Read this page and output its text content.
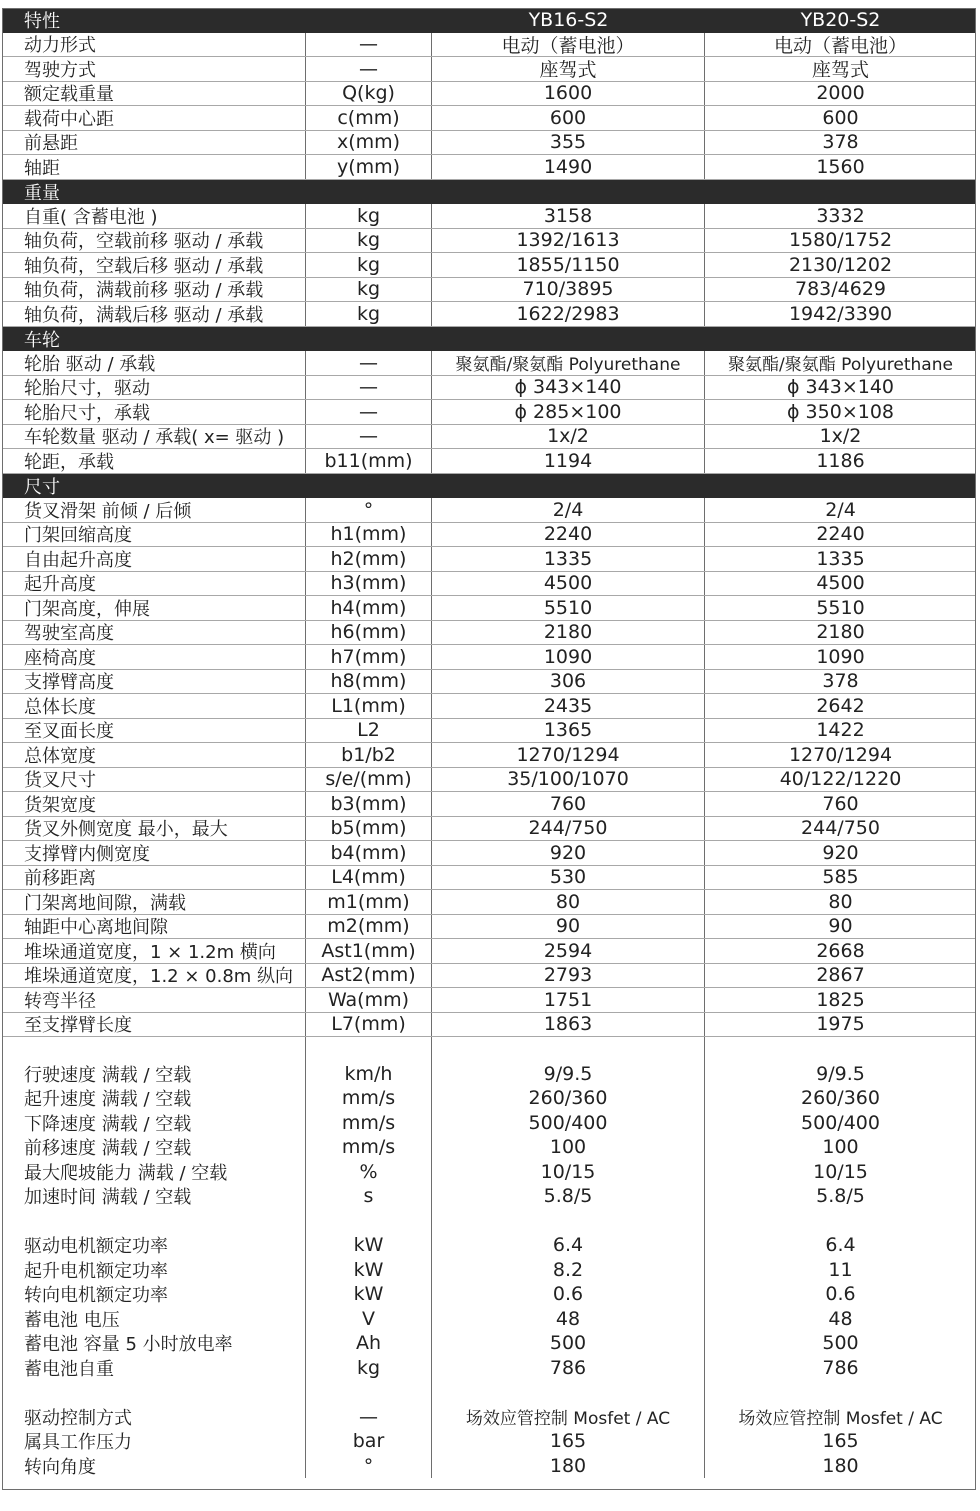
特性	YB16-S2	YB20-S2
动力形式	—	电动（蓄电池）	电动（蓄电池）
驾驶方式	—	座驾式	座驾式
额定载重量	Q(kg)	1600	2000
载荷中心距	c(mm)	600	600
前悬距	x(mm)	355	378
轴距	y(mm)	1490	1560
重量
自重( 含蓄电池 )	kg	3158	3332
轴负荷，空载前移 驱动 / 承载	kg	1392/1613	1580/1752
轴负荷，空载后移 驱动 / 承载	kg	1855/1150	2130/1202
轴负荷，满载前移 驱动 / 承载	kg	710/3895	783/4629
轴负荷，满载后移 驱动 / 承载	kg	1622/2983	1942/3390
车轮
轮胎 驱动 / 承载	—	聚氨酯/聚氨酯 Polyurethane	聚氨酯/聚氨酯 Polyurethane
轮胎尺寸，驱动	—	ϕ 343×140	ϕ 343×140
轮胎尺寸，承载	—	ϕ 285×100	ϕ 350×108
车轮数量 驱动 / 承载( x= 驱动 )	—	1x/2	1x/2
轮距，承载	b11(mm)	1194	1186
尺寸
货叉滑架 前倾 / 后倾	°	2/4	2/4
门架回缩高度	h1(mm)	2240	2240
自由起升高度	h2(mm)	1335	1335
起升高度	h3(mm)	4500	4500
门架高度，伸展	h4(mm)	5510	5510
驾驶室高度	h6(mm)	2180	2180
座椅高度	h7(mm)	1090	1090
支撑臂高度	h8(mm)	306	378
总体长度	L1(mm)	2435	2642
至叉面长度	L2	1365	1422
总体宽度	b1/b2	1270/1294	1270/1294
货叉尺寸	s/e/(mm)	35/100/1070	40/122/1220
货架宽度	b3(mm)	760	760
货叉外侧宽度 最小，最大	b5(mm)	244/750	244/750
支撑臂内侧宽度	b4(mm)	920	920
前移距离	L4(mm)	530	585
门架离地间隙，满载	m1(mm)	80	80
轴距中心离地间隙	m2(mm)	90	90
堆垛通道宽度，1 × 1.2m 横向	Ast1(mm)	2594	2668
堆垛通道宽度，1.2 × 0.8m 纵向	Ast2(mm)	2793	2867
转弯半径	Wa(mm)	1751	1825
至支撑臂长度	L7(mm)	1863	1975
行驶速度 满载 / 空载	km/h	9/9.5	9/9.5
起升速度 满载 / 空载	mm/s	260/360	260/360
下降速度 满载 / 空载	mm/s	500/400	500/400
前移速度 满载 / 空载	mm/s	100	100
最大爬坡能力 满载 / 空载	%	10/15	10/15
加速时间 满载 / 空载	s	5.8/5	5.8/5
驱动电机额定功率	kW	6.4	6.4
起升电机额定功率	kW	8.2	11
转向电机额定功率	kW	0.6	0.6
蓄电池 电压	V	48	48
蓄电池 容量 5 小时放电率	Ah	500	500
蓄电池自重	kg	786	786
驱动控制方式	—	场效应管控制 Mosfet / AC	场效应管控制 Mosfet / AC
属具工作压力	bar	165	165
转向角度	°	180	180
